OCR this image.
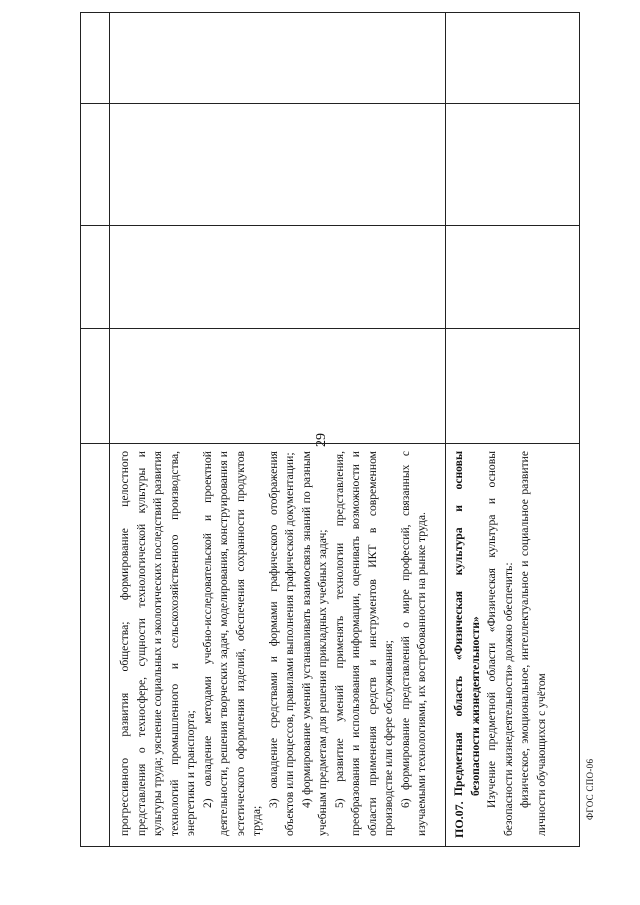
29
ФГОС СПО-06

прогрессивного развития общества; формирование целостного представления о техносфере, сущности технологической культуры и культуры труда; уяснение социальных и экологических последствий развития технологий промышленного и сельскохозяйственного производства, энергетики и транспорта; 2) овладение методами учебно-исследовательской и проектной деятельности, решения творческих задач, моделирования, конструирования и эстетического оформления изделий, обеспечения сохранности продуктов труда;

3) овладение средствами и формами графического отображения объектов или процессов, правилами выполнения графической документации; 4) формирование умений устанавливать взаимосвязь знаний по разным учебным предметам для решения прикладных учебных задач; 5) развитие умений применять технологии представления, преобразования и использования информации, оценивать возможности и области применения средств и инструментов ИКТ в современном производстве или сфере обслуживания; 6) формирование представлений о мире профессий, связанных с изучаемыми технологиями, их востребованности на рынке труда. ПО.07.

Предметная область «Физическая культура и основы безопасности жизнедеятельности» Изучение предметной области «Физическая культура и основы безопасности жизнедеятельности» должно обеспечить: физическое, эмоциональное, интеллектуальное и социальное развитие личности обучающихся с учётом
